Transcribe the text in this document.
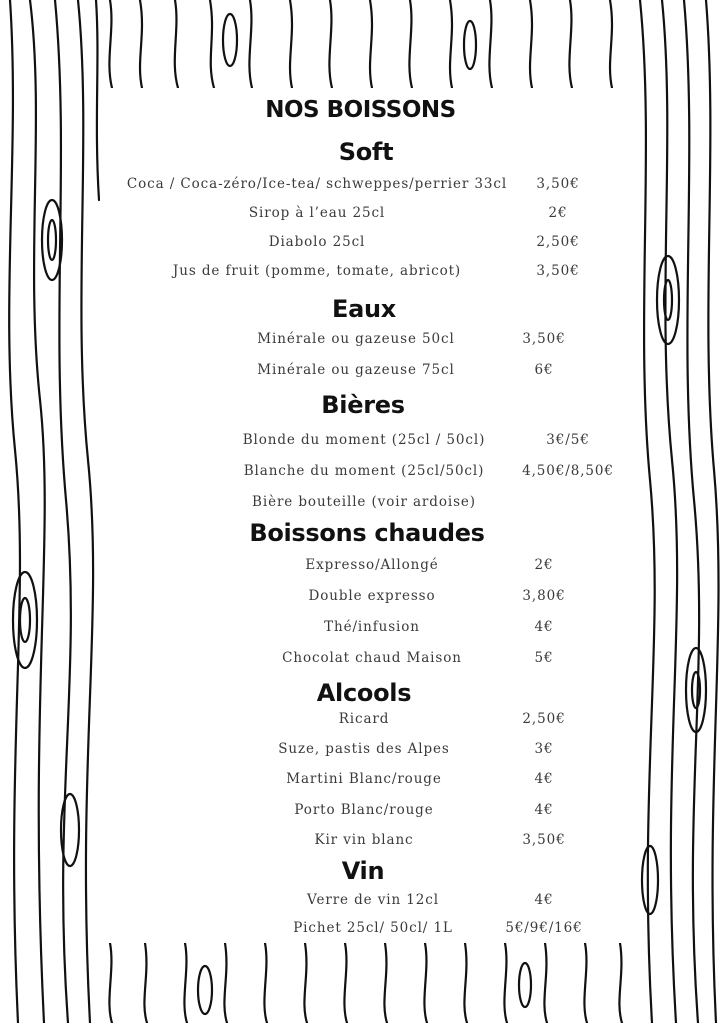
NOS BOISSONS
Soft
Coca / Coca-zéro/Ice-tea/ schweppes/perrier 33cl	3,50€
Sirop à l’eau 25cl	2€
Diabolo 25cl	2,50€
Jus de fruit (pomme, tomate, abricot)	3,50€
Eaux
Minérale ou gazeuse 50cl	3,50€
Minérale ou gazeuse 75cl	6€
Bières
Blonde du moment (25cl / 50cl)	3€/5€
Blanche du moment (25cl/50cl)	4,50€/8,50€
Bière bouteille (voir ardoise)
Boissons chaudes
Expresso/Allongé	2€
Double expresso	3,80€
Thé/infusion	4€
Chocolat chaud Maison	5€
Alcools
Ricard	2,50€
Suze, pastis des Alpes	3€
Martini Blanc/rouge	4€
Porto Blanc/rouge	4€
Kir vin blanc	3,50€
Vin
Verre de vin 12cl	4€
Pichet 25cl/ 50cl/ 1L	5€/9€/16€
